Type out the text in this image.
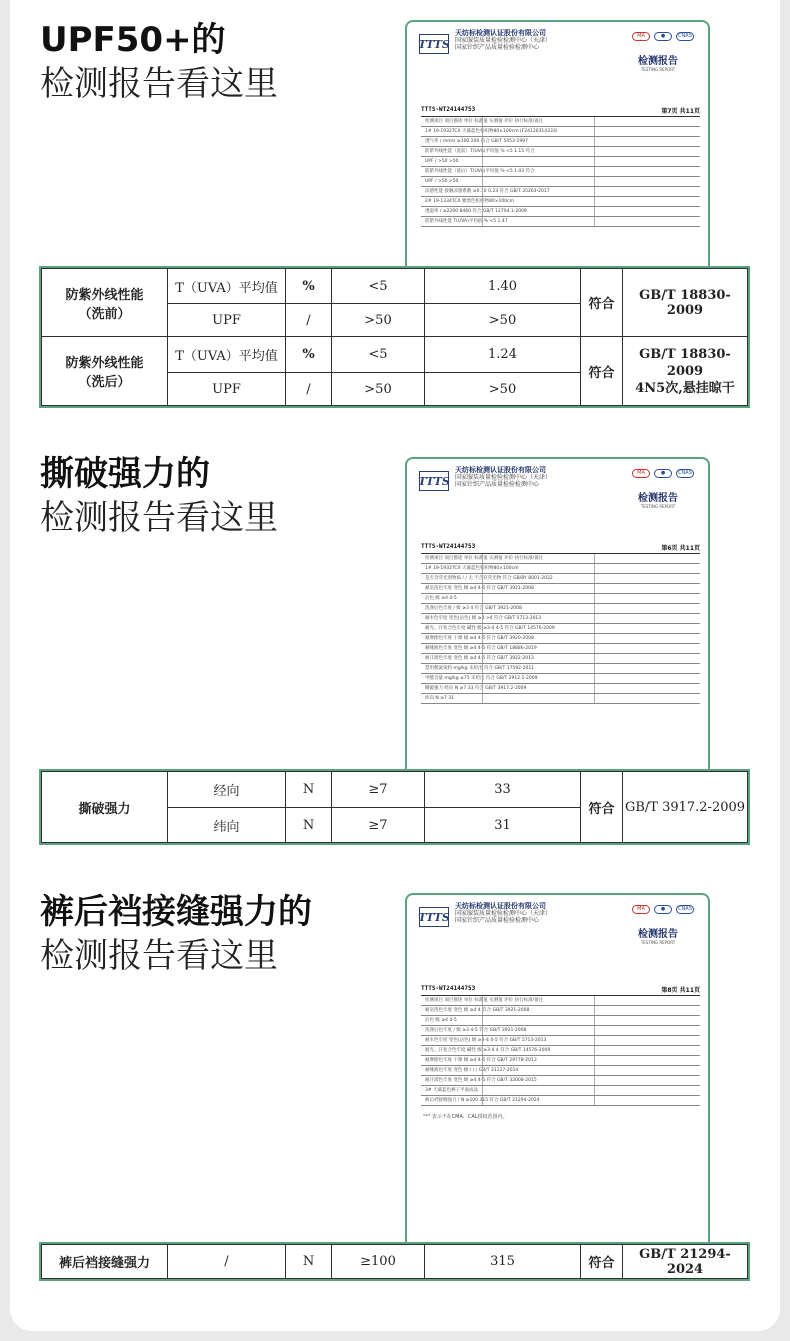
UPF50+的
检测报告看这里
TTTS
天纺标检测认证股份有限公司
国家服装质量检验检测中心（天津）
国家针织产品质量检验检测中心
MA	●	CNAS
检测报告
TESTING REPORT
TTTS-WT24144753	第7页 共11页
检测项目 项目描述 单位 标准值 实测值 评价 执行标准/备注
1# 19-1932TCX 天幕蓝色机织物80×100cm (F24120314333)
透气率 / mm/s ≥100 200 符合 GB/T 5453-1997
防紫外线性能（洗前）T(UVA)平均值 % <5 1.15 符合
UPF / >50 >50
防紫外线性能（洗后）T(UVA)平均值 % <5 1.03 符合
UPF / >50 >50
凉感性能 接触凉感系数 ≥0.10 0.23 符合 GB/T 35263-2017
2# 19-1334TCX 雅黑色机织物80×100cm
透湿率 / ≥2200 8460 符合 GB/T 12704.1-2009
防紫外线性能 T(UVA)平均值 % <5 1.47
防紫外线性能
（洗前）	T（UVA）平均值	%	<5	1.40	符合	GB/T 18830-2009
	UPF	/	>50	>50		
防紫外线性能
（洗后）	T（UVA）平均值	%	<5	1.24	符合	GB/T 18830-2009
4N5次,悬挂晾干
	UPF	/	>50	>50		
撕破强力的
检测报告看这里
TTTS
天纺标检测认证股份有限公司
国家服装质量检验检测中心（天津）
国家针织产品质量检验检测中心
MA	●	CNAS
检测报告
TESTING REPORT
TTTS-WT24144753	第6页 共11页
检测项目 项目描述 单位 标准值 实测值 评价 执行标准/备注
1# 19-1932TCX 天幕蓝色机织物80×100cm
是否含荧光剂物质 / / 无 不含有荧光物 符合 GB/BY 8001-2022
耐皂洗色牢度 变色 级 ≥4 4-5 符合 GB/T 3921-2008
沾色 级 ≥4 4-5
洗涤后色牢度 / 级 ≥3 4 符合 GB/T 3921-2008
耐水色牢度 变色(沾色) 级 ≥4 >4 符合 GB/T 5713-2013
耐光、汗复合色牢度 碱性 级 ≥3-4 4-5 符合 GB/T 14576-2009
耐摩擦色牢度 干摩 级 ≥4 4-5 符合 GB/T 3920-2008
耐唾液色牢度 变色 级 ≥4 4-5 符合 GB/T 18886-2019
耐汗渍色牢度 变色 级 ≥4 4-5 符合 GB/T 3922-2013
禁用偶氮染料 mg/kg 未检出 符合 GB/T 17592-2011
甲醛含量 mg/kg ≤75 未检出 符合 GB/T 2912.1-2009
撕破强力 经向 N ≥7 33 符合 GB/T 3917.2-2009
纬向 N ≥7 31
撕破强力	经向	N	≥7	33	符合	GB/T 3917.2-2009
	纬向	N	≥7	31		
裤后裆接缝强力的
检测报告看这里
TTTS
天纺标检测认证股份有限公司
国家服装质量检验检测中心（天津）
国家针织产品质量检验检测中心
MA	●	CNAS
检测报告
TESTING REPORT
TTTS-WT24144753	第8页 共11页
检测项目 项目描述 单位 标准值 实测值 评价 执行标准/备注
耐皂洗色牢度 变色 级 ≥4 4 符合 GB/T 3921-2008
沾色 级 ≥4 4-5
洗涤后色牢度 / 级 ≥3 4-5 符合 GB/T 3921-2008
耐水色牢度 变色(沾色) 级 ≥3-4 4-5 符合 GB/T 5713-2013
耐光、汗复合色牢度 碱性 级 ≥3-4 4 符合 GB/T 14576-2009
耐摩擦色牢度 干摩 级 ≥4 4-5 符合 GB/T 29778-2013
耐唾液色牢度 变色 级 / / / GB/T 31127-2014
耐汗渍色牢度 变色 级 ≥4 4-5 符合 GB/T 32008-2015
3# 天幕蓝色裤子平面成品
裤后裆接缝强力 / N ≥100 315 符合 GB/T 21294-2024
"*" 表示不在CMA、CAL授权范围内。
裤后裆接缝强力	/	N	≥100	315	符合	GB/T 21294-2024
